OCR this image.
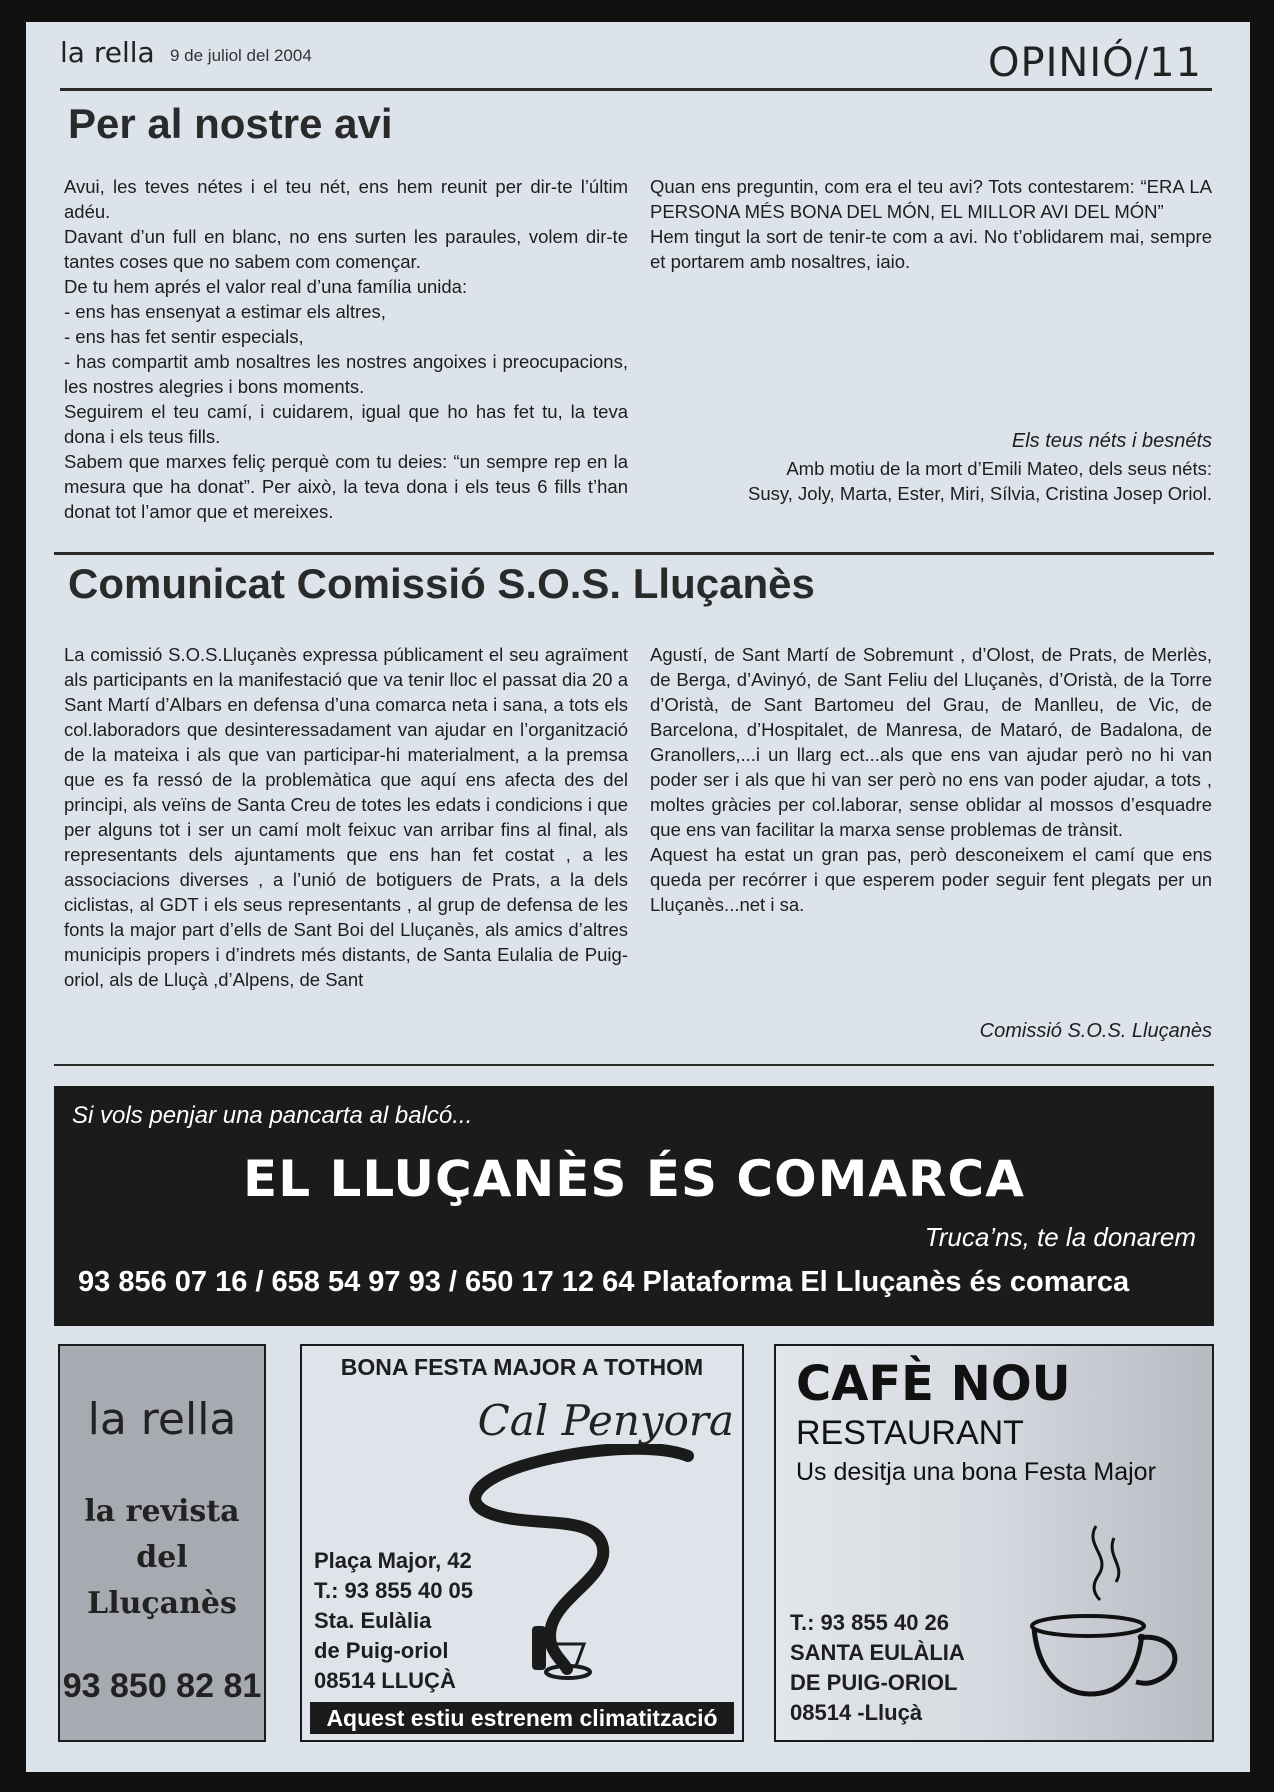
la rella 9 de juliol del 2004	OPINIÓ/11
Per al nostre avi

Avui, les teves nétes i el teu nét, ens hem reunit per dir-te l’últim adéu.

Davant d’un full en blanc, no ens surten les paraules, volem dir-te tantes coses que no sabem com començar.

De tu hem aprés el valor real d’una família unida:

- ens has ensenyat a estimar els altres,

- ens has fet sentir especials,

- has compartit amb nosaltres les nostres angoixes i preocupacions, les nostres alegries i bons moments.

Seguirem el teu camí, i cuidarem, igual que ho has fet tu, la teva dona i els teus fills.

Sabem que marxes feliç perquè com tu deies: “un sempre rep en la mesura que ha donat”. Per això, la teva dona i els teus 6 fills t’han donat tot l’amor que et mereixes.

Quan ens preguntin, com era el teu avi? Tots contestarem: “ERA LA PERSONA MÉS BONA DEL MÓN, EL MILLOR AVI DEL MÓN”

Hem tingut la sort de tenir-te com a avi. No t’oblidarem mai, sempre et portarem amb nosaltres, iaio.

Els teus néts i besnéts
Amb motiu de la mort d’Emili Mateo, dels seus néts:
Susy, Joly, Marta, Ester, Miri, Sílvia, Cristina Josep Oriol.
Comunicat Comissió S.O.S. Lluçanès

La comissió S.O.S.Lluçanès expressa públicament el seu agraïment als participants en la manifestació que va tenir lloc el passat dia 20 a Sant Martí d’Albars en defensa d’una comarca neta i sana, a tots els col.laboradors que desinteressadament van ajudar en l’organització de la mateixa i als que van participar-hi materialment, a la premsa que es fa ressó de la problemàtica que aquí ens afecta des del principi, als veïns de Santa Creu de totes les edats i condicions i que per alguns tot i ser un camí molt feixuc van arribar fins al final, als representants dels ajuntaments que ens han fet costat , a les associacions diverses , a l’unió de botiguers de Prats, a la dels ciclistas, al GDT i els seus representants , al grup de defensa de les fonts la major part d’ells de Sant Boi del Lluçanès, als amics d’altres municipis propers i d’indrets més distants, de Santa Eulalia de Puig-oriol, als de Lluçà ,d’Alpens, de Sant

Agustí, de Sant Martí de Sobremunt , d’Olost, de Prats, de Merlès, de Berga, d’Avinyó, de Sant Feliu del Lluçanès, d’Oristà, de la Torre d’Oristà, de Sant Bartomeu del Grau, de Manlleu, de Vic, de Barcelona, d’Hospitalet, de Manresa, de Mataró, de Badalona, de Granollers,...i un llarg ect...als que ens van ajudar però no hi van poder ser i als que hi van ser però no ens van poder ajudar, a tots , moltes gràcies per col.laborar, sense oblidar al mossos d’esquadre que ens van facilitar la marxa sense problemas de trànsit.

Aquest ha estat un gran pas, però desconeixem el camí que ens queda per recórrer i que esperem poder seguir fent plegats per un Lluçanès...net i sa.

Comissió S.O.S. Lluçanès
Si vols penjar una pancarta al balcó...
EL LLUÇANÈS ÉS COMARCA
Truca’ns, te la donarem
93 856 07 16 / 658 54 97 93 / 650 17 12 64 Plataforma El Lluçanès és comarca
la rella
la revista
del Lluçanès
93 850 82 81
BONA FESTA MAJOR A TOTHOM
Cal Penyora
Plaça Major, 42
T.: 93 855 40 05
Sta. Eulàlia
de Puig-oriol
08514 LLUÇÀ
Aquest estiu estrenem climatització
CAFÈ NOU
RESTAURANT
Us desitja una bona Festa Major
T.: 93 855 40 26
SANTA EULÀLIA
DE PUIG-ORIOL
08514 -Lluçà
